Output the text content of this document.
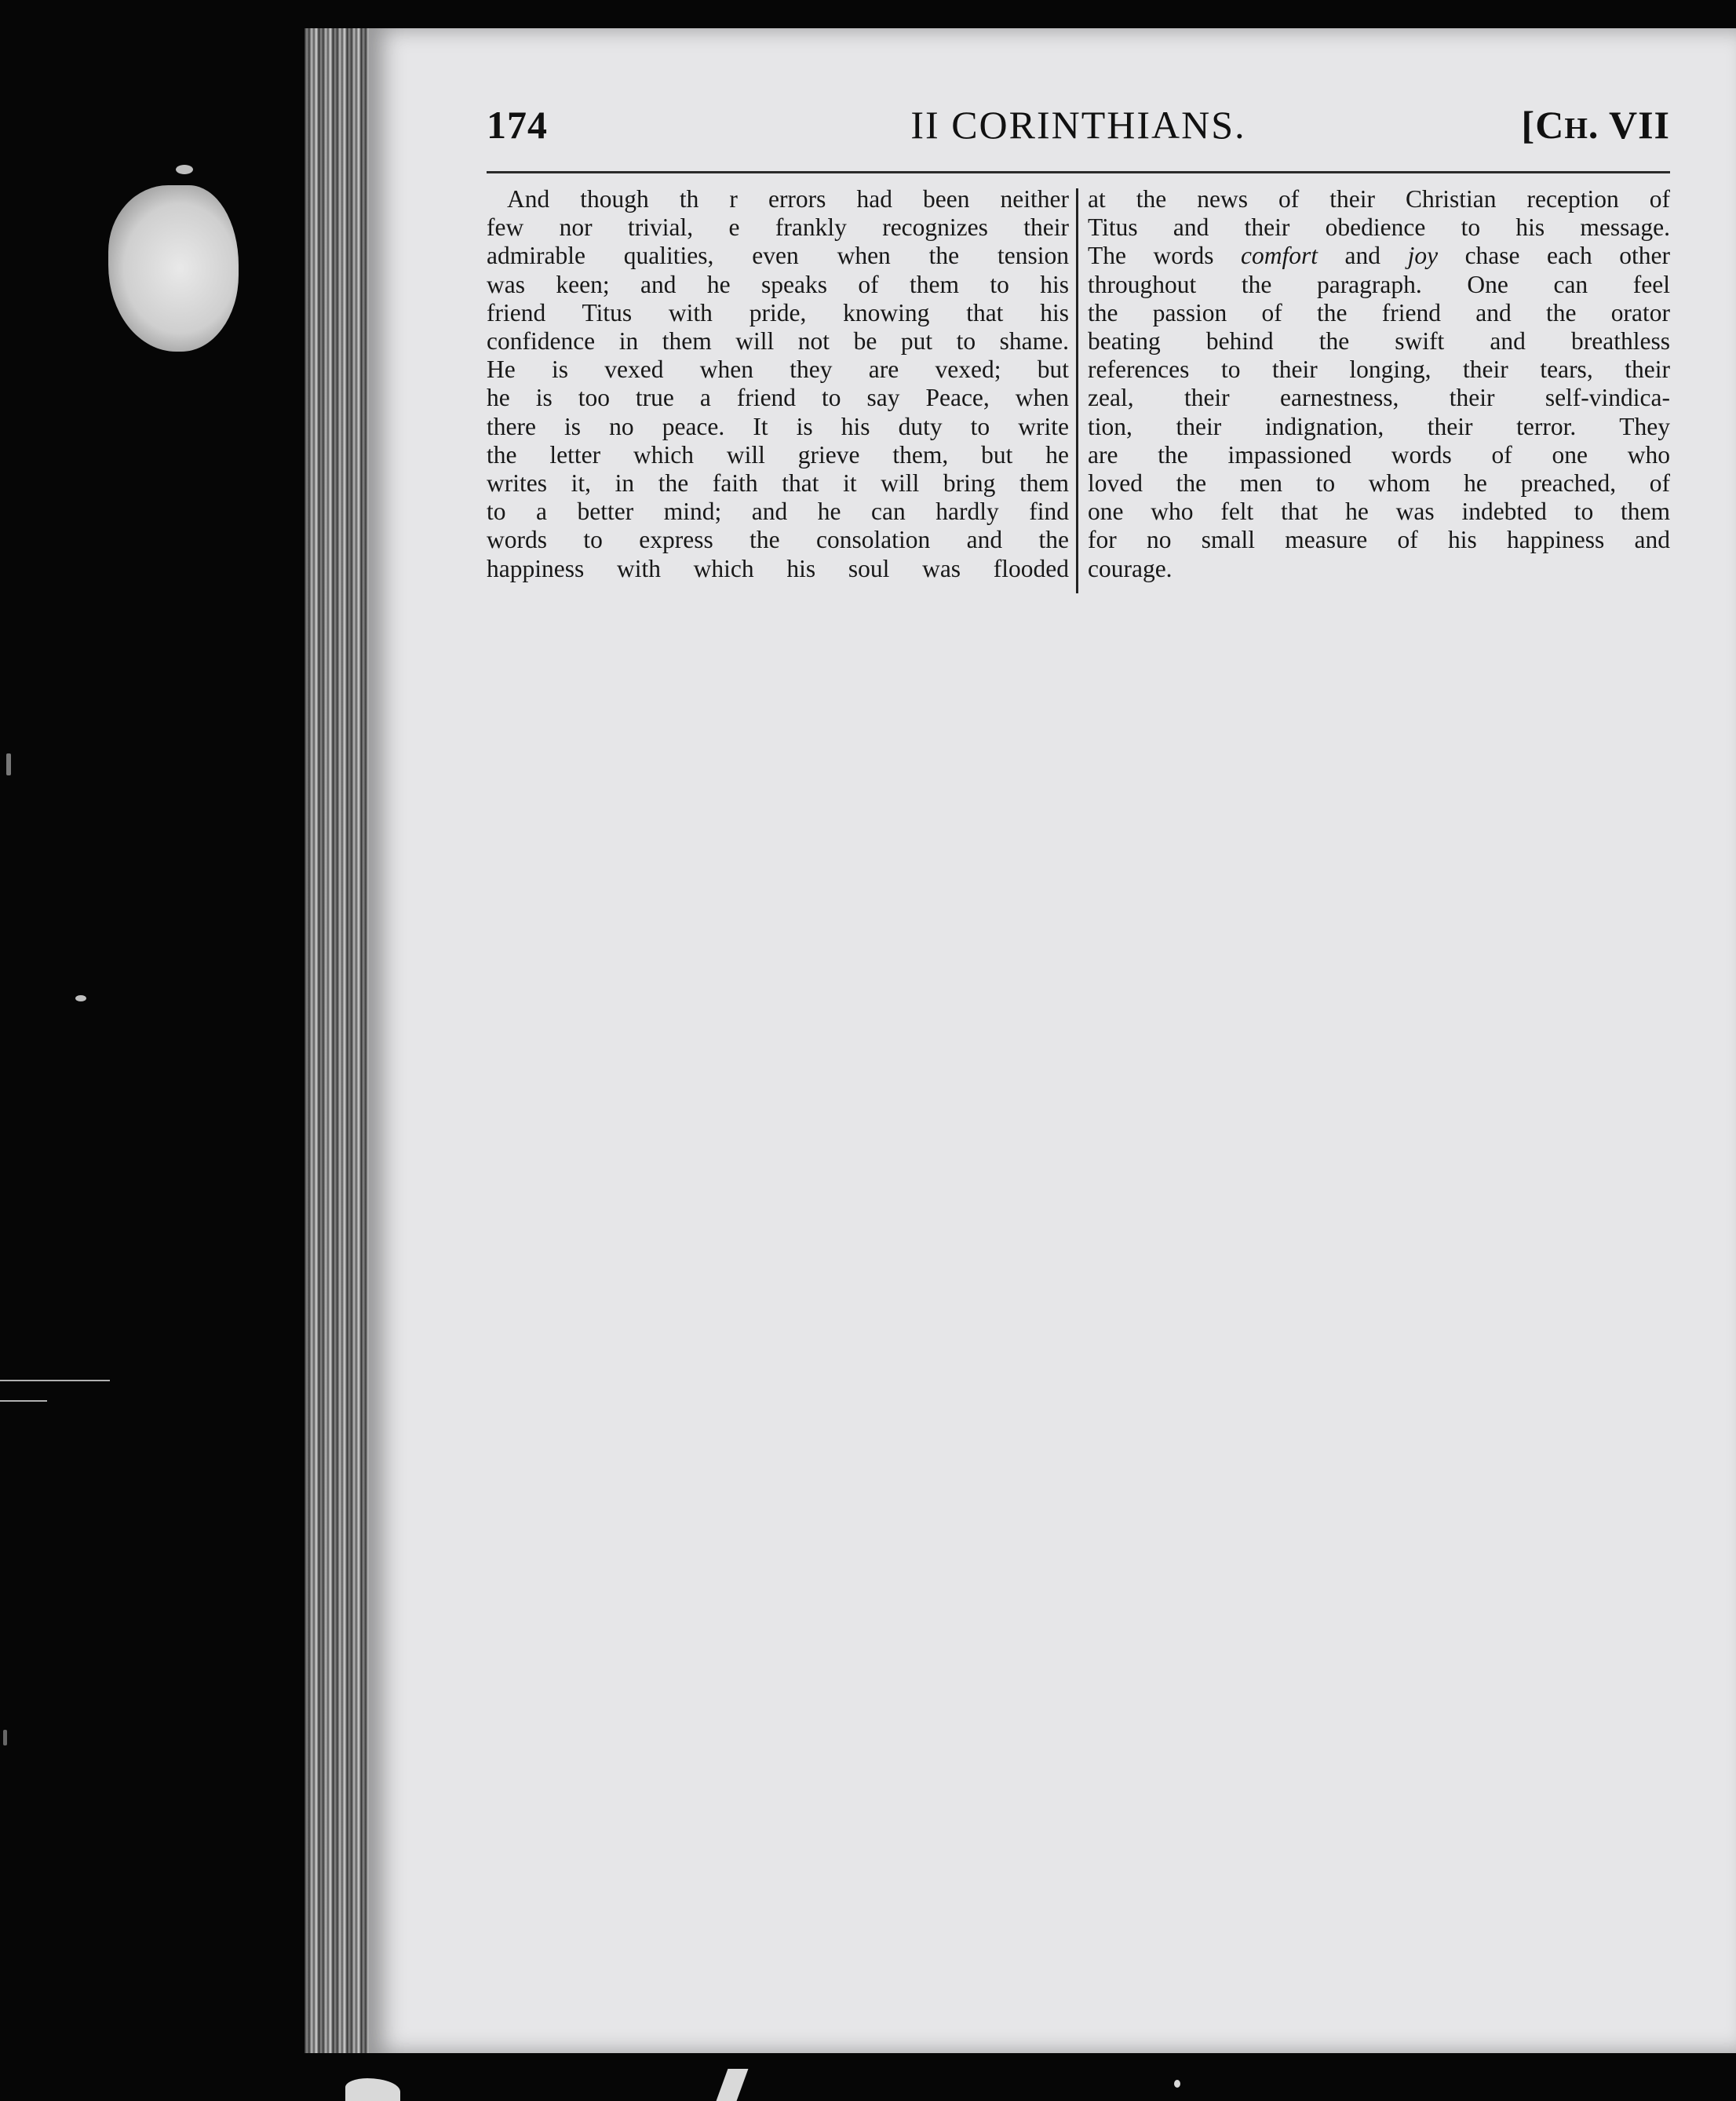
174	II CORINTHIANS.	[CH. VII
And though th r errors had been neither
few nor trivial, e frankly recognizes their
admirable qualities, even when the tension
was keen; and he speaks of them to his
friend Titus with pride, knowing that his
confidence in them will not be put to shame.
He is vexed when they are vexed; but
he is too true a friend to say Peace, when
there is no peace. It is his duty to write
the letter which will grieve them, but he
writes it, in the faith that it will bring them
to a better mind; and he can hardly find
words to express the consolation and the
happiness with which his soul was flooded
at the news of their Christian reception of
Titus and their obedience to his message.
The words comfort and joy chase each other
throughout the paragraph. One can feel
the passion of the friend and the orator
beating behind the swift and breathless
references to their longing, their tears, their
zeal, their earnestness, their self-vindica-
tion, their indignation, their terror. They
are the impassioned words of one who
loved the men to whom he preached, of
one who felt that he was indebted to them
for no small measure of his happiness and
courage.
